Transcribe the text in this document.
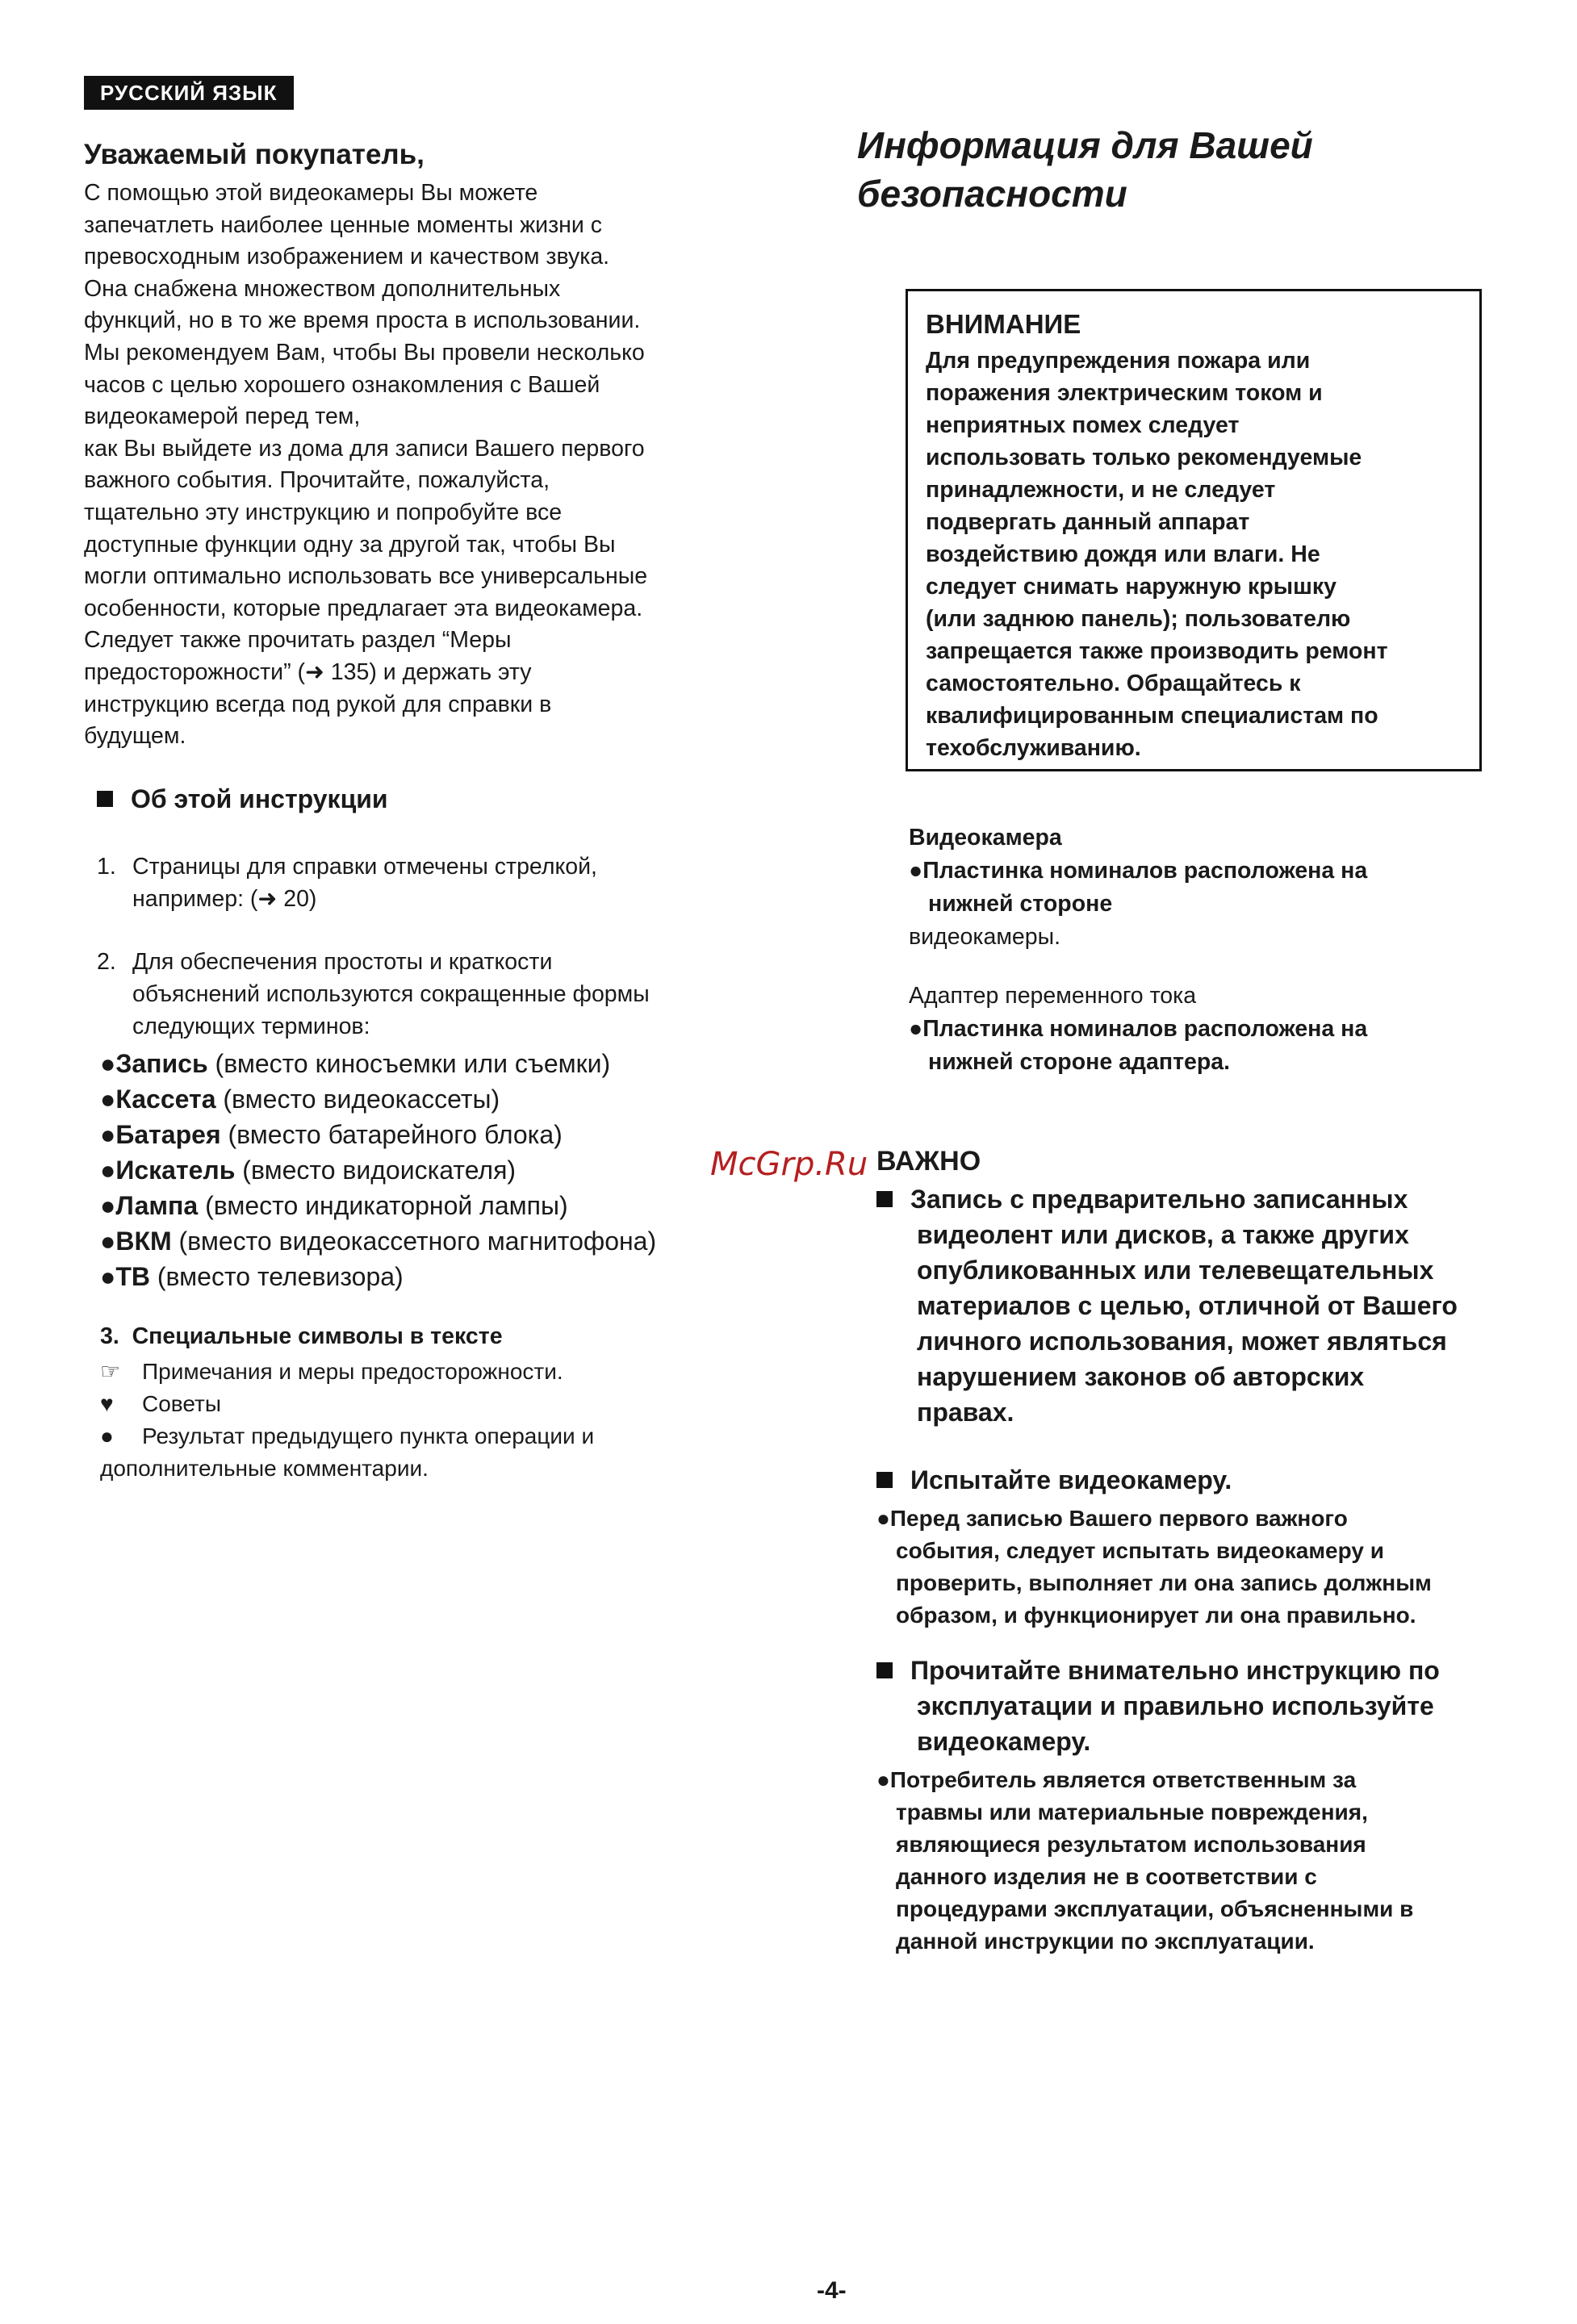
РУССКИЙ ЯЗЫК
Уважаемый покупатель,
С помощью этой видеокамеры Вы можете
запечатлеть наиболее ценные моменты жизни с
превосходным изображением и качеством звука.
Она снабжена множеством дополнительных
функций, но в то же время проста в использовании.
Мы рекомендуем Вам, чтобы Вы провели несколько
часов с целью хорошего ознакомления с Вашей
видеокамерой перед тем,
как Вы выйдете из дома для записи Вашего первого
важного события. Прочитайте, пожалуйста,
тщательно эту инструкцию и попробуйте все
доступные функции одну за другой так, чтобы Вы
могли оптимально использовать все универсальные
особенности, которые предлагает эта видеокамера.
Следует также прочитать раздел “Меры
предосторожности” (➜ 135) и держать эту
инструкцию всегда под рукой для справки в
будущем.
Об этой инструкции
1. Страницы для справки отмечены стрелкой,
например: (➜ 20)
2. Для обеспечения простоты и краткости
объяснений используются сокращенные формы
следующих терминов:
●Запись (вместо киносъемки или съемки)
●Кассета (вместо видеокассеты)
●Батарея (вместо батарейного блока)
●Искатель (вместо видоискателя)
●Лампа (вместо индикаторной лампы)
●ВКМ (вместо видеокассетного магнитофона)
●ТВ (вместо телевизора)
3.  Специальные символы в тексте
☞ Примечания и меры предосторожности.
♥ Советы
● Результат предыдущего пункта операции и
дополнительные комментарии.
Информация для Вашей
безопасности
ВНИМАНИЕ
Для предупреждения пожара или
поражения электрическим током и
неприятных помех следует
использовать только рекомендуемые
принадлежности, и не следует
подвергать данный аппарат
воздействию дождя или влаги. Не
следует снимать наружную крышку
(или заднюю панель); пользователю
запрещается также производить ремонт
самостоятельно. Обращайтесь к
квалифицированным специалистам по
техобслуживанию.
Видеокамера
●Пластинка номиналов расположена на
нижней стороне
видеокамеры.
Адаптер переменного тока
●Пластинка номиналов расположена на
нижней стороне адаптера.
McGrp.Ru ВАЖНО
Запись с предварительно записанных
видеолент или дисков, а также других
опубликованных или телевещательных
материалов с целью, отличной от Вашего
личного использования, может являться
нарушением законов об авторских
правах.
Испытайте видеокамеру.
●Перед записью Вашего первого важного
события, следует испытать видеокамеру и
проверить, выполняет ли она запись должным
образом, и функционирует ли она правильно.
Прочитайте внимательно инструкцию по
эксплуатации и правильно используйте
видеокамеру.
●Потребитель является ответственным за
травмы или материальные повреждения,
являющиеся результатом использования
данного изделия не в соответствии с
процедурами эксплуатации, объясненными в
данной инструкции по эксплуатации.
-4-
